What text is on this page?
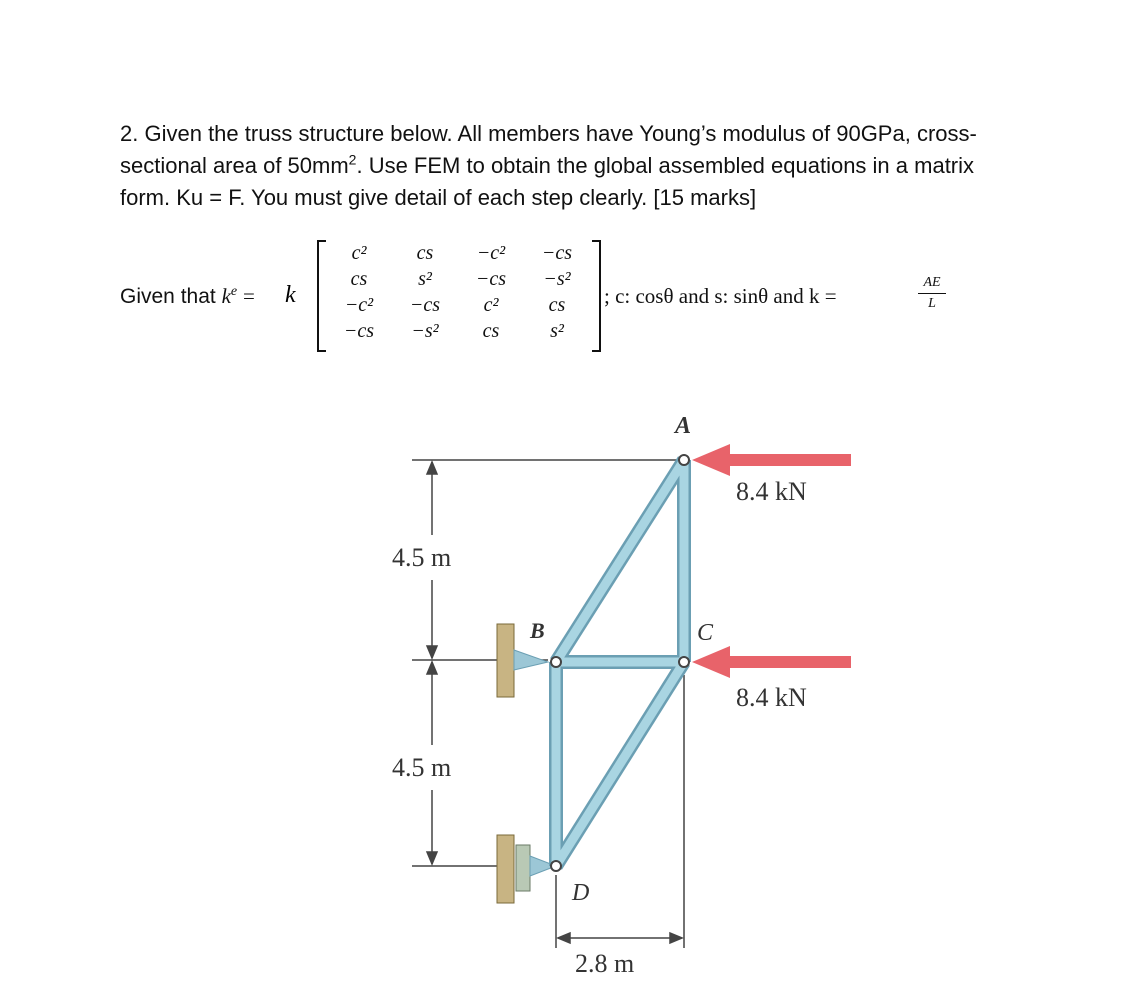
2. Given the truss structure below. All members have Young’s modulus of 90GPa, cross-
sectional area of $50mm^2$. Use FEM to obtain the global assembled equations in a matrix
form. Ku = F. You must give detail of each step clearly. [15 marks]
Given that $k^e = k$
c²	cs	−c²	−cs
cs	s²	−cs	−s²
−c²	−cs	c²	cs
−cs	−s²	cs	s²
; c: cosθ and s: sinθ and k =	$\frac{AE}{L}$
A
B	C
D
8.4 kN
8.4 kN
4.5 m
4.5 m
2.8 m
